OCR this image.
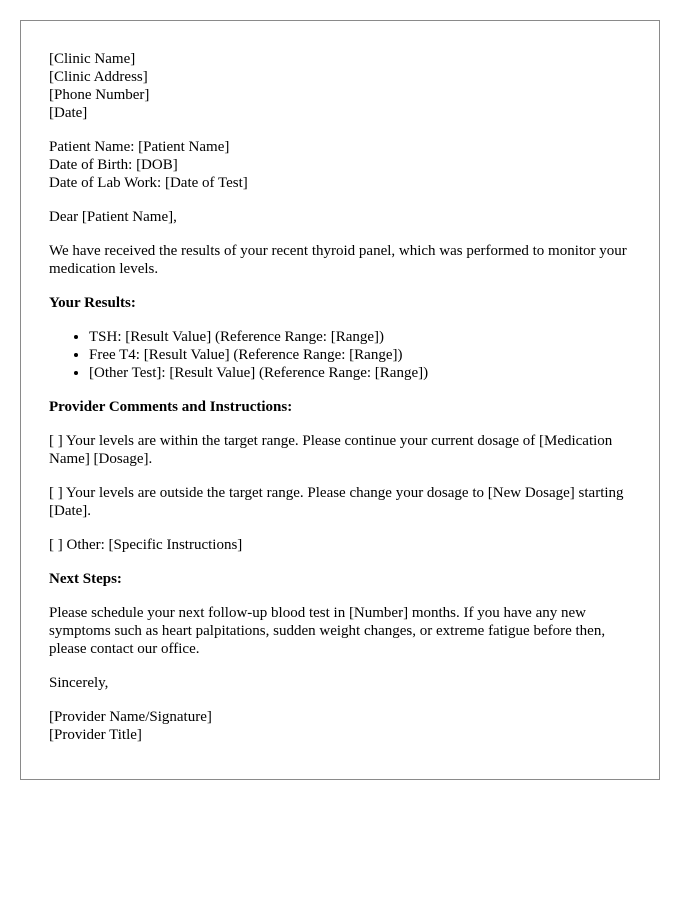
[Clinic Name]
[Clinic Address]
[Phone Number]
[Date]
Patient Name: [Patient Name]
Date of Birth: [DOB]
Date of Lab Work: [Date of Test]

Dear [Patient Name],

We have received the results of your recent thyroid panel, which was performed to monitor your medication levels.

Your Results:
• TSH: [Result Value] (Reference Range: [Range])
• Free T4: [Result Value] (Reference Range: [Range])
• [Other Test]: [Result Value] (Reference Range: [Range])
Provider Comments and Instructions:

[ ] Your levels are within the target range. Please continue your current dosage of [Medication Name] [Dosage].

[ ] Your levels are outside the target range. Please change your dosage to [New Dosage] starting [Date].

[ ] Other: [Specific Instructions]

Next Steps:

Please schedule your next follow-up blood test in [Number] months. If you have any new symptoms such as heart palpitations, sudden weight changes, or extreme fatigue before then, please contact our office.

Sincerely,

[Provider Name/Signature]
[Provider Title]
